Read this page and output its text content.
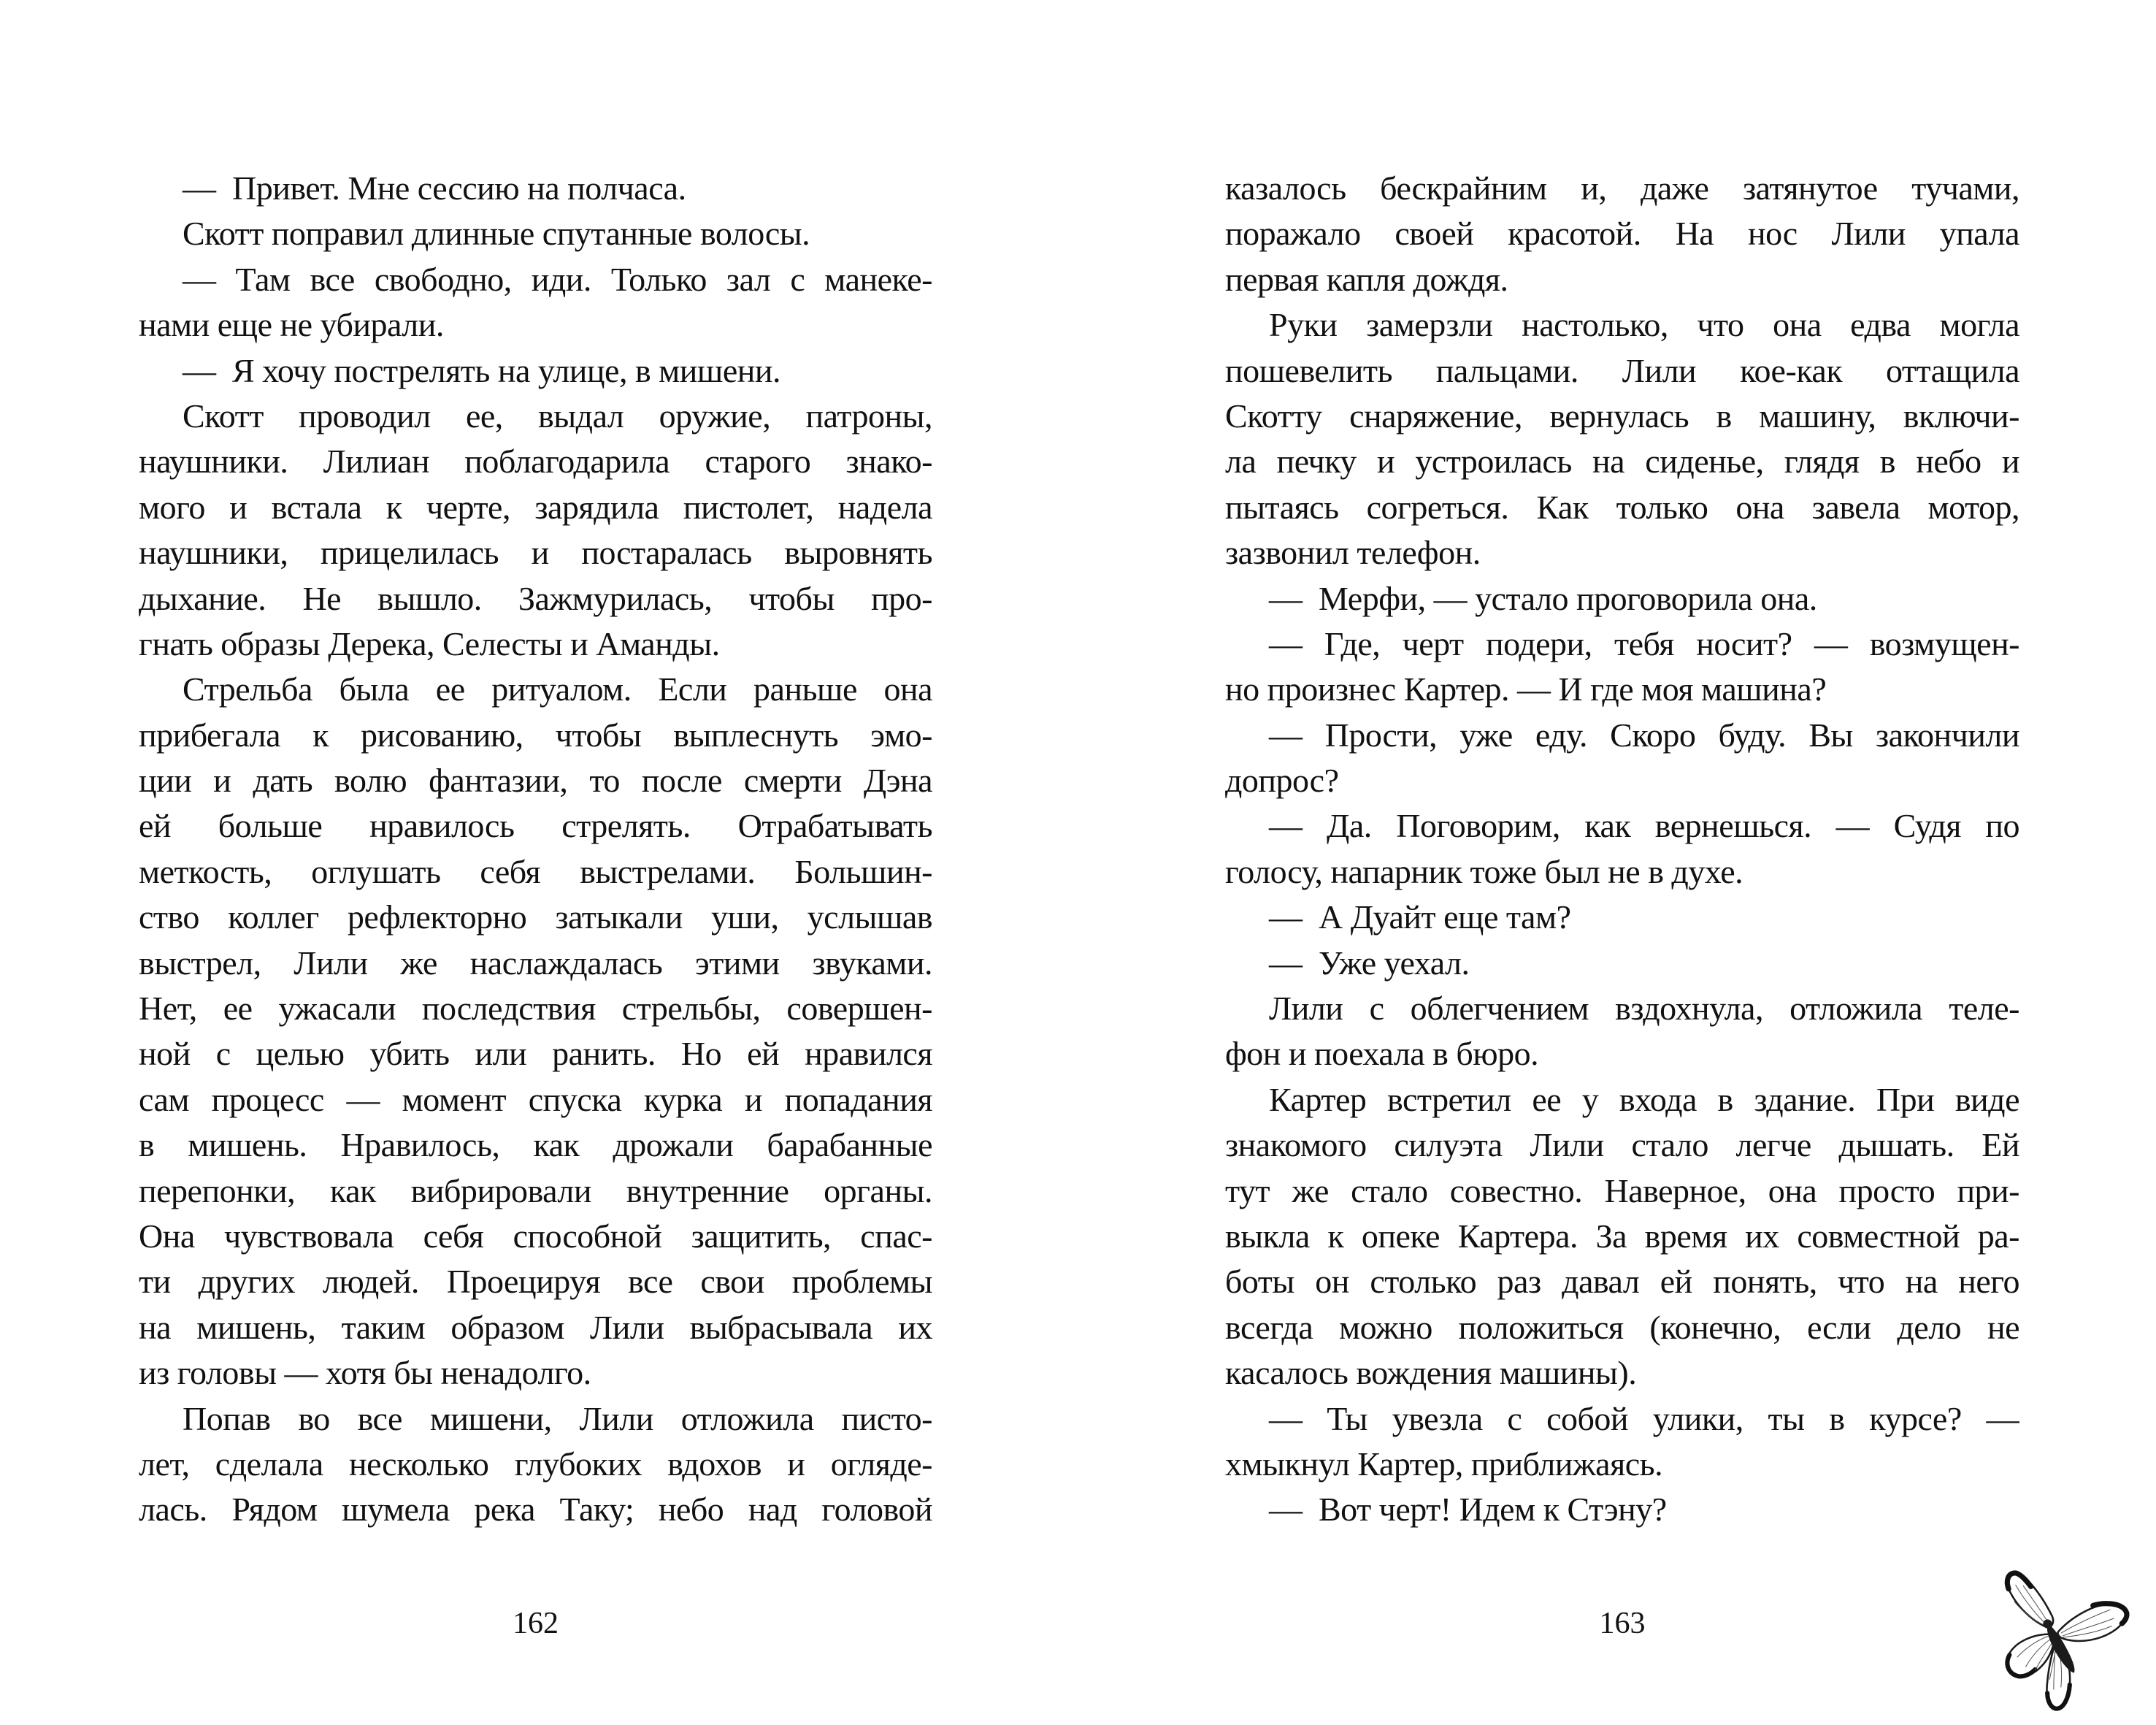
— Привет. Мне сессию на полчаса.
Скотт поправил длинные спутанные волосы.
— Там все свободно, иди. Только зал с манеке-
нами еще не убирали.
— Я хочу пострелять на улице, в мишени.
Скотт проводил ее, выдал оружие, патроны,
наушники. Лилиан поблагодарила старого знако-
мого и встала к черте, зарядила пистолет, надела
наушники, прицелилась и постаралась выровнять
дыхание. Не вышло. Зажмурилась, чтобы про-
гнать образы Дерека, Селесты и Аманды.
Стрельба была ее ритуалом. Если раньше она
прибегала к рисованию, чтобы выплеснуть эмо-
ции и дать волю фантазии, то после смерти Дэна
ей больше нравилось стрелять. Отрабатывать
меткость, оглушать себя выстрелами. Большин-
ство коллег рефлекторно затыкали уши, услышав
выстрел, Лили же наслаждалась этими звуками.
Нет, ее ужасали последствия стрельбы, совершен-
ной с целью убить или ранить. Но ей нравился
сам процесс — момент спуска курка и попадания
в мишень. Нравилось, как дрожали барабанные
перепонки, как вибрировали внутренние органы.
Она чувствовала себя способной защитить, спас-
ти других людей. Проецируя все свои проблемы
на мишень, таким образом Лили выбрасывала их
из головы — хотя бы ненадолго.
Попав во все мишени, Лили отложила писто-
лет, сделала несколько глубоких вдохов и огляде-
лась. Рядом шумела река Таку; небо над головой
казалось бескрайним и, даже затянутое тучами,
поражало своей красотой. На нос Лили упала
первая капля дождя.
Руки замерзли настолько, что она едва могла
пошевелить пальцами. Лили кое-как оттащила
Скотту снаряжение, вернулась в машину, включи-
ла печку и устроилась на сиденье, глядя в небо и
пытаясь согреться. Как только она завела мотор,
зазвонил телефон.
— Мерфи, — устало проговорила она.
— Где, черт подери, тебя носит? — возмущен-
но произнес Картер. — И где моя машина?
— Прости, уже еду. Скоро буду. Вы закончили
допрос?
— Да. Поговорим, как вернешься. — Судя по
голосу, напарник тоже был не в духе.
— А Дуайт еще там?
— Уже уехал.
Лили с облегчением вздохнула, отложила теле-
фон и поехала в бюро.
Картер встретил ее у входа в здание. При виде
знакомого силуэта Лили стало легче дышать. Ей
тут же стало совестно. Наверное, она просто при-
выкла к опеке Картера. За время их совместной ра-
боты он столько раз давал ей понять, что на него
всегда можно положиться (конечно, если дело не
касалось вождения машины).
— Ты увезла с собой улики, ты в курсе? —
хмыкнул Картер, приближаясь.
— Вот черт! Идем к Стэну?
162	163
